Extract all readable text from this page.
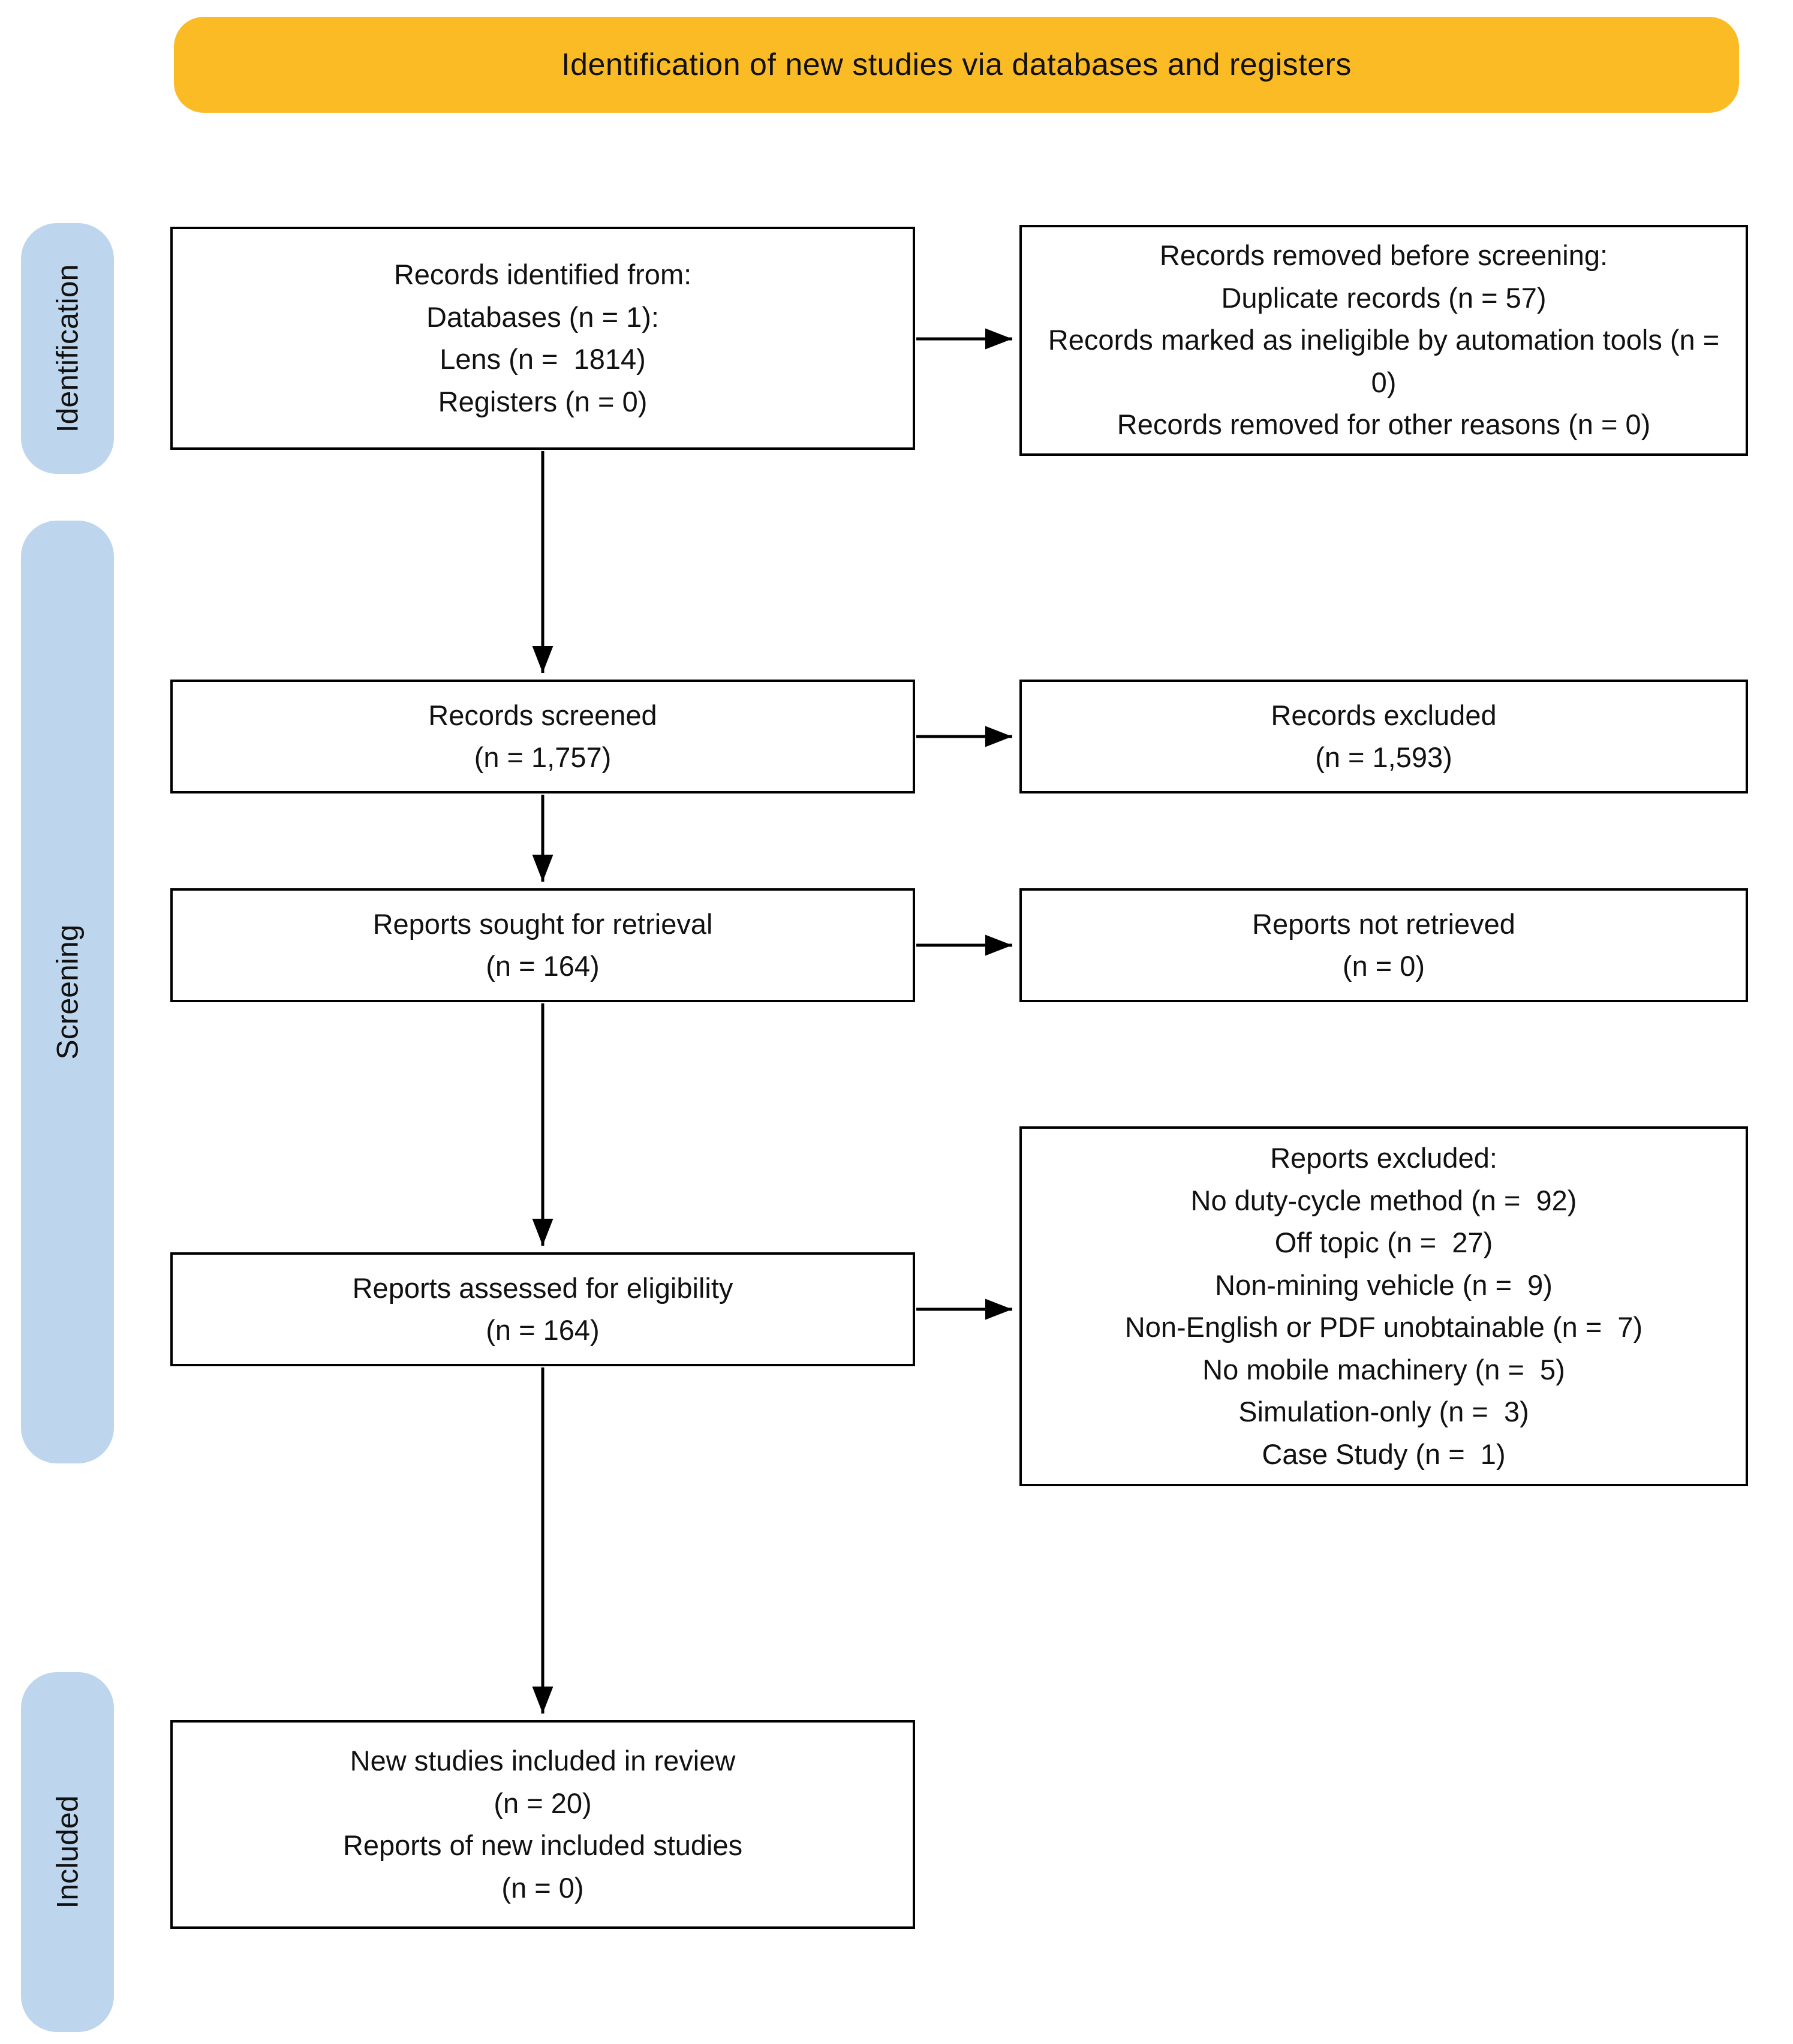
Identification of new studies via databases and registers
Identification
Screening
Included
Records identified from:
Databases (n = 1):
Lens (n =  1814)
Registers (n = 0)
Records removed before screening:
Duplicate records (n = 57)
Records marked as ineligible by automation tools (n = 0)
Records removed for other reasons (n = 0)
Records screened
(n = 1,757)
Records excluded
(n = 1,593)
Reports sought for retrieval
(n = 164)
Reports not retrieved
(n = 0)
Reports assessed for eligibility
(n = 164)
Reports excluded:
No duty-cycle method (n =  92)
Off topic (n =  27)
Non-mining vehicle (n =  9)
Non-English or PDF unobtainable (n =  7)
No mobile machinery (n =  5)
Simulation-only (n =  3)
Case Study (n =  1)
New studies included in review
(n = 20)
Reports of new included studies
(n = 0)
